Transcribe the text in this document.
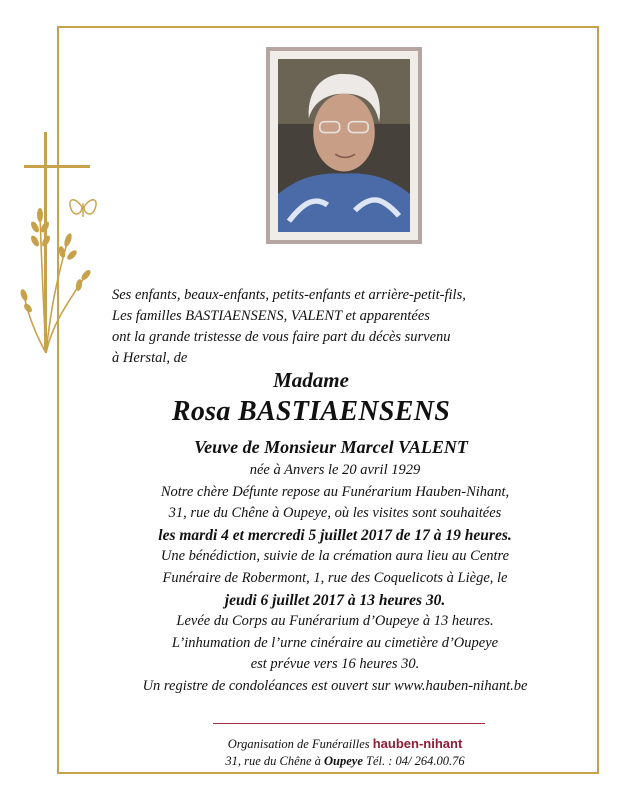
Ses enfants, beaux-enfants, petits-enfants et arrière-petit-fils,
Les familles BASTIAENSENS, VALENT et apparentées
ont la grande tristesse de vous faire part du décès survenu
à Herstal, de
Madame
Rosa BASTIAENSENS
Veuve de Monsieur Marcel VALENT
née à Anvers le 20 avril 1929
Notre chère Défunte repose au Funérarium Hauben-Nihant,
31, rue du Chêne à Oupeye, où les visites sont souhaitées
les mardi 4 et mercredi 5 juillet 2017 de 17 à 19 heures.
Une bénédiction, suivie de la crémation aura lieu au Centre
Funéraire de Robermont, 1, rue des Coquelicots à Liège, le
jeudi 6 juillet 2017 à 13 heures 30.
Levée du Corps au Funérarium d’Oupeye à 13 heures.
L’inhumation de l’urne cinéraire au cimetière d’Oupeye
est prévue vers 16 heures 30.
Un registre de condoléances est ouvert sur www.hauben-nihant.be
Organisation de Funérailles hauben-nihant
31, rue du Chêne à Oupeye Tél. : 04/ 264.00.76
